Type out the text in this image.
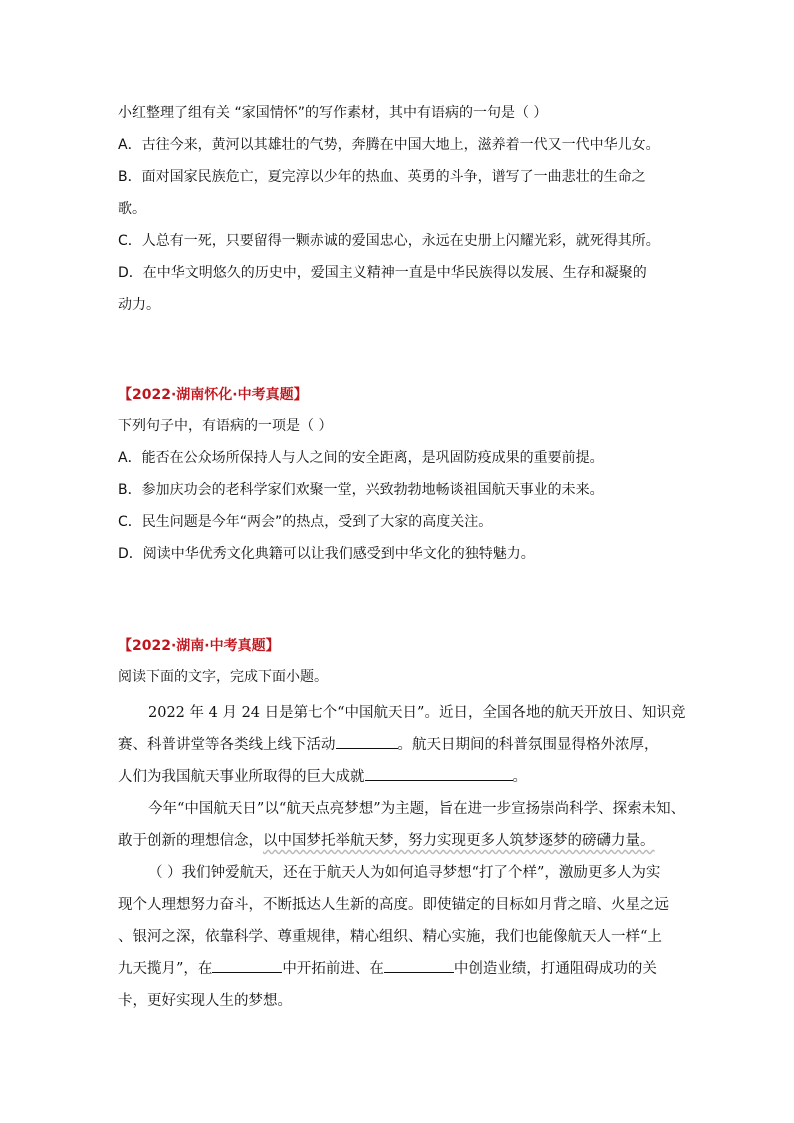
小红整理了组有关 “家国情怀”的写作素材，其中有语病的一句是（ ）
A．古往今来，黄河以其雄壮的气势，奔腾在中国大地上，滋养着一代又一代中华儿女。
B．面对国家民族危亡，夏完淳以少年的热血、英勇的斗争，谱写了一曲悲壮的生命之
歌。
C．人总有一死，只要留得一颗赤诚的爱国忠心，永远在史册上闪耀光彩，就死得其所。
D．在中华文明悠久的历史中，爱国主义精神一直是中华民族得以发展、生存和凝聚的
动力。
【2022·湖南怀化·中考真题】
下列句子中，有语病的一项是（ ）
A．能否在公众场所保持人与人之间的安全距离，是巩固防疫成果的重要前提。
B．参加庆功会的老科学家们欢聚一堂，兴致勃勃地畅谈祖国航天事业的未来。
C．民生问题是今年“两会”的热点，受到了大家的高度关注。
D．阅读中华优秀文化典籍可以让我们感受到中华文化的独特魅力。
【2022·湖南·中考真题】
阅读下面的文字，完成下面小题。
2022 年 4 月 24 日是第七个“中国航天日”。近日，全国各地的航天开放日、知识竞
赛、科普讲堂等各类线上线下活动	。航天日期间的科普氛围显得格外浓厚，
人们为我国航天事业所取得的巨大成就	。
今年“中国航天日”以“航天点亮梦想”为主题，旨在进一步宣扬崇尚科学、探索未知、
敢于创新的理想信念，以中国梦托举航天梦，努力实现更多人筑梦逐梦的磅礴力量。
（ ）我们钟爱航天，还在于航天人为如何追寻梦想“打了个样”，激励更多人为实
现个人理想努力奋斗，不断抵达人生新的高度。即使锚定的目标如月背之暗、火星之远
、银河之深，依靠科学、尊重规律，精心组织、精心实施，我们也能像航天人一样“上
九天揽月”，在	中开拓前进、在	中创造业绩，打通阻碍成功的关
卡，更好实现人生的梦想。
